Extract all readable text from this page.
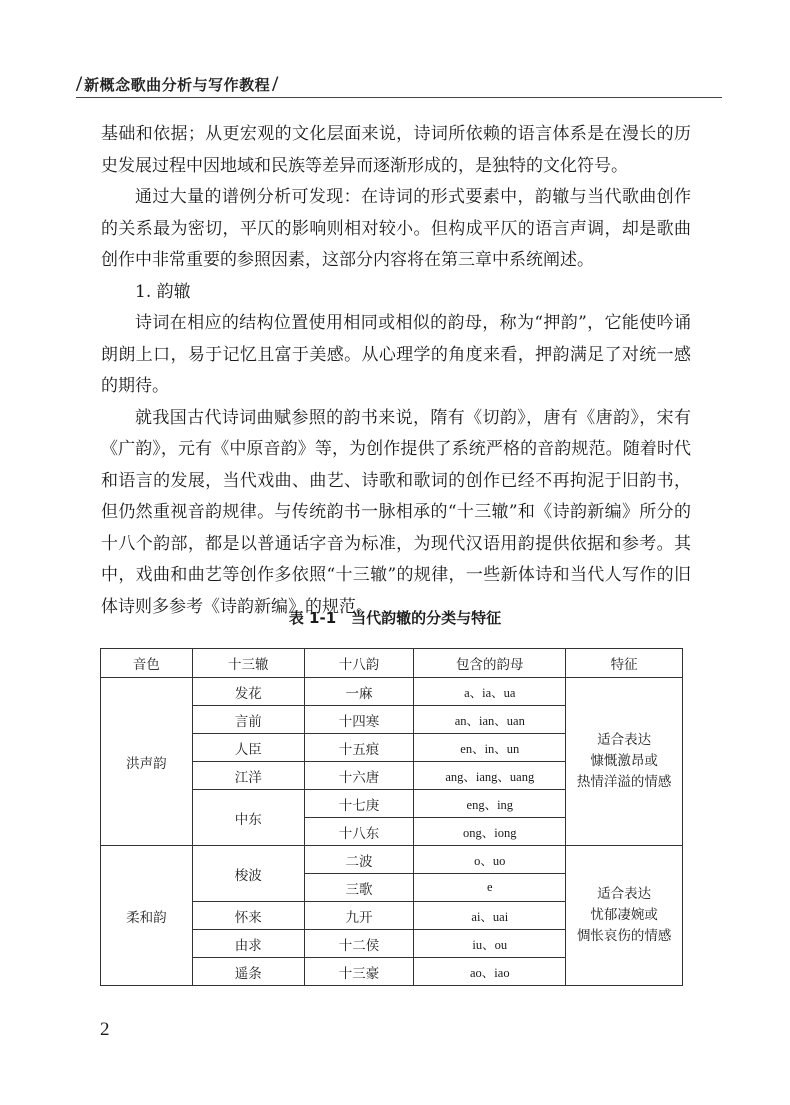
/ 新概念歌曲分析与写作教程 /

基础和依据；从更宏观的文化层面来说，诗词所依赖的语言体系是在漫长的历史发展过程中因地域和民族等差异而逐渐形成的，是独特的文化符号。

通过大量的谱例分析可发现：在诗词的形式要素中，韵辙与当代歌曲创作的关系最为密切，平仄的影响则相对较小。但构成平仄的语言声调，却是歌曲创作中非常重要的参照因素，这部分内容将在第三章中系统阐述。

1. 韵辙

诗词在相应的结构位置使用相同或相似的韵母，称为“押韵”，它能使吟诵朗朗上口，易于记忆且富于美感。从心理学的角度来看，押韵满足了对统一感的期待。

就我国古代诗词曲赋参照的韵书来说，隋有《切韵》，唐有《唐韵》，宋有《广韵》，元有《中原音韵》等，为创作提供了系统严格的音韵规范。随着时代和语言的发展，当代戏曲、曲艺、诗歌和歌词的创作已经不再拘泥于旧韵书，但仍然重视音韵规律。与传统韵书一脉相承的“十三辙”和《诗韵新编》所分的十八个韵部，都是以普通话字音为标准，为现代汉语用韵提供依据和参考。其中，戏曲和曲艺等创作多依照“十三辙”的规律，一些新体诗和当代人写作的旧体诗则多参考《诗韵新编》的规范。

表 1-1　当代韵辙的分类与特征
音色	十三辙	十八韵	包含的韵母	特征
洪声韵	发花	一麻	a、ia、ua	适合表达
慷慨激昂或
热情洋溢的情感

	言前	十四寒	an、ian、uan	
	人臣	十五痕	en、in、un	
	江洋	十六唐	ang、iang、uang	
	中东	十七庚	eng、ing	
		十八东	ong、iong	
柔和韵	梭波	二波	o、uo	适合表达
忧郁凄婉或
惆怅哀伤的情感

		三歌	e	
	怀来	九开	ai、uai	
	由求	十二侯	iu、ou	
	遥条	十三豪	ao、iao	
2
